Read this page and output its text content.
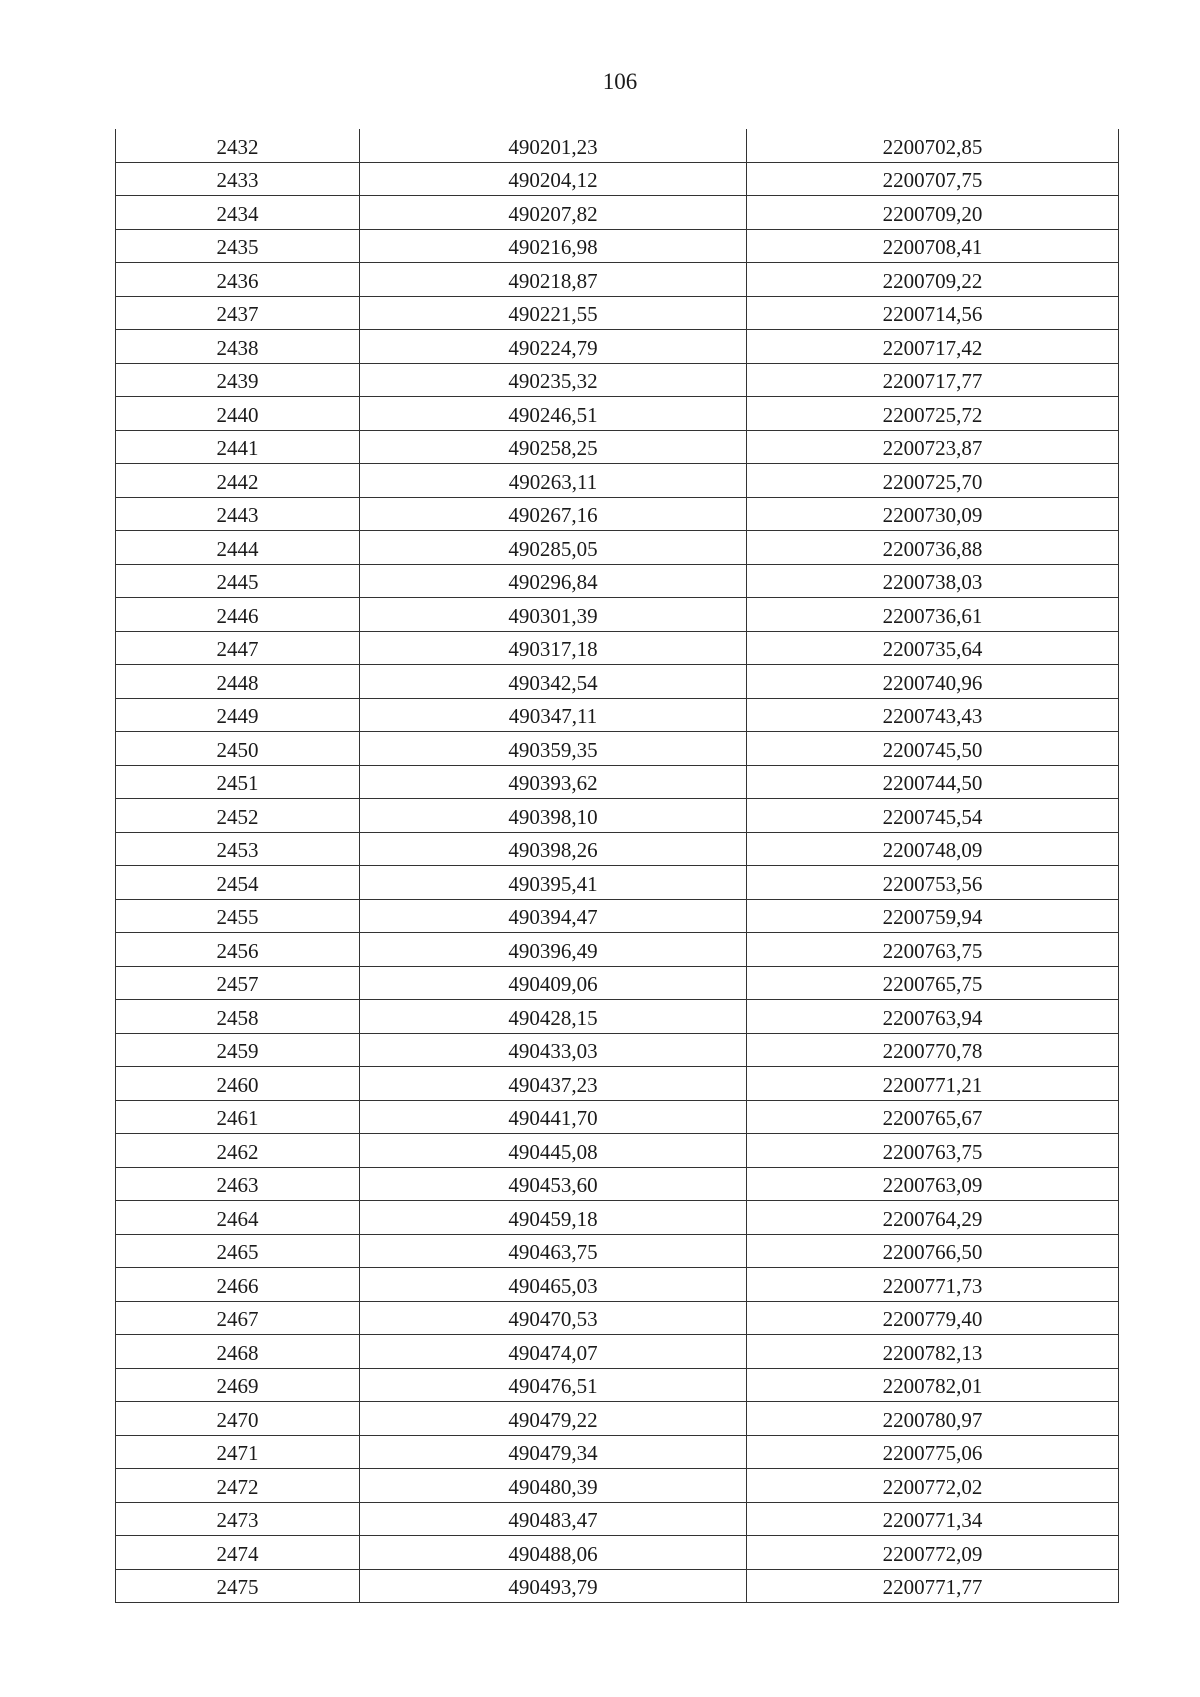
106
2432	490201,23	2200702,85
2433	490204,12	2200707,75
2434	490207,82	2200709,20
2435	490216,98	2200708,41
2436	490218,87	2200709,22
2437	490221,55	2200714,56
2438	490224,79	2200717,42
2439	490235,32	2200717,77
2440	490246,51	2200725,72
2441	490258,25	2200723,87
2442	490263,11	2200725,70
2443	490267,16	2200730,09
2444	490285,05	2200736,88
2445	490296,84	2200738,03
2446	490301,39	2200736,61
2447	490317,18	2200735,64
2448	490342,54	2200740,96
2449	490347,11	2200743,43
2450	490359,35	2200745,50
2451	490393,62	2200744,50
2452	490398,10	2200745,54
2453	490398,26	2200748,09
2454	490395,41	2200753,56
2455	490394,47	2200759,94
2456	490396,49	2200763,75
2457	490409,06	2200765,75
2458	490428,15	2200763,94
2459	490433,03	2200770,78
2460	490437,23	2200771,21
2461	490441,70	2200765,67
2462	490445,08	2200763,75
2463	490453,60	2200763,09
2464	490459,18	2200764,29
2465	490463,75	2200766,50
2466	490465,03	2200771,73
2467	490470,53	2200779,40
2468	490474,07	2200782,13
2469	490476,51	2200782,01
2470	490479,22	2200780,97
2471	490479,34	2200775,06
2472	490480,39	2200772,02
2473	490483,47	2200771,34
2474	490488,06	2200772,09
2475	490493,79	2200771,77
